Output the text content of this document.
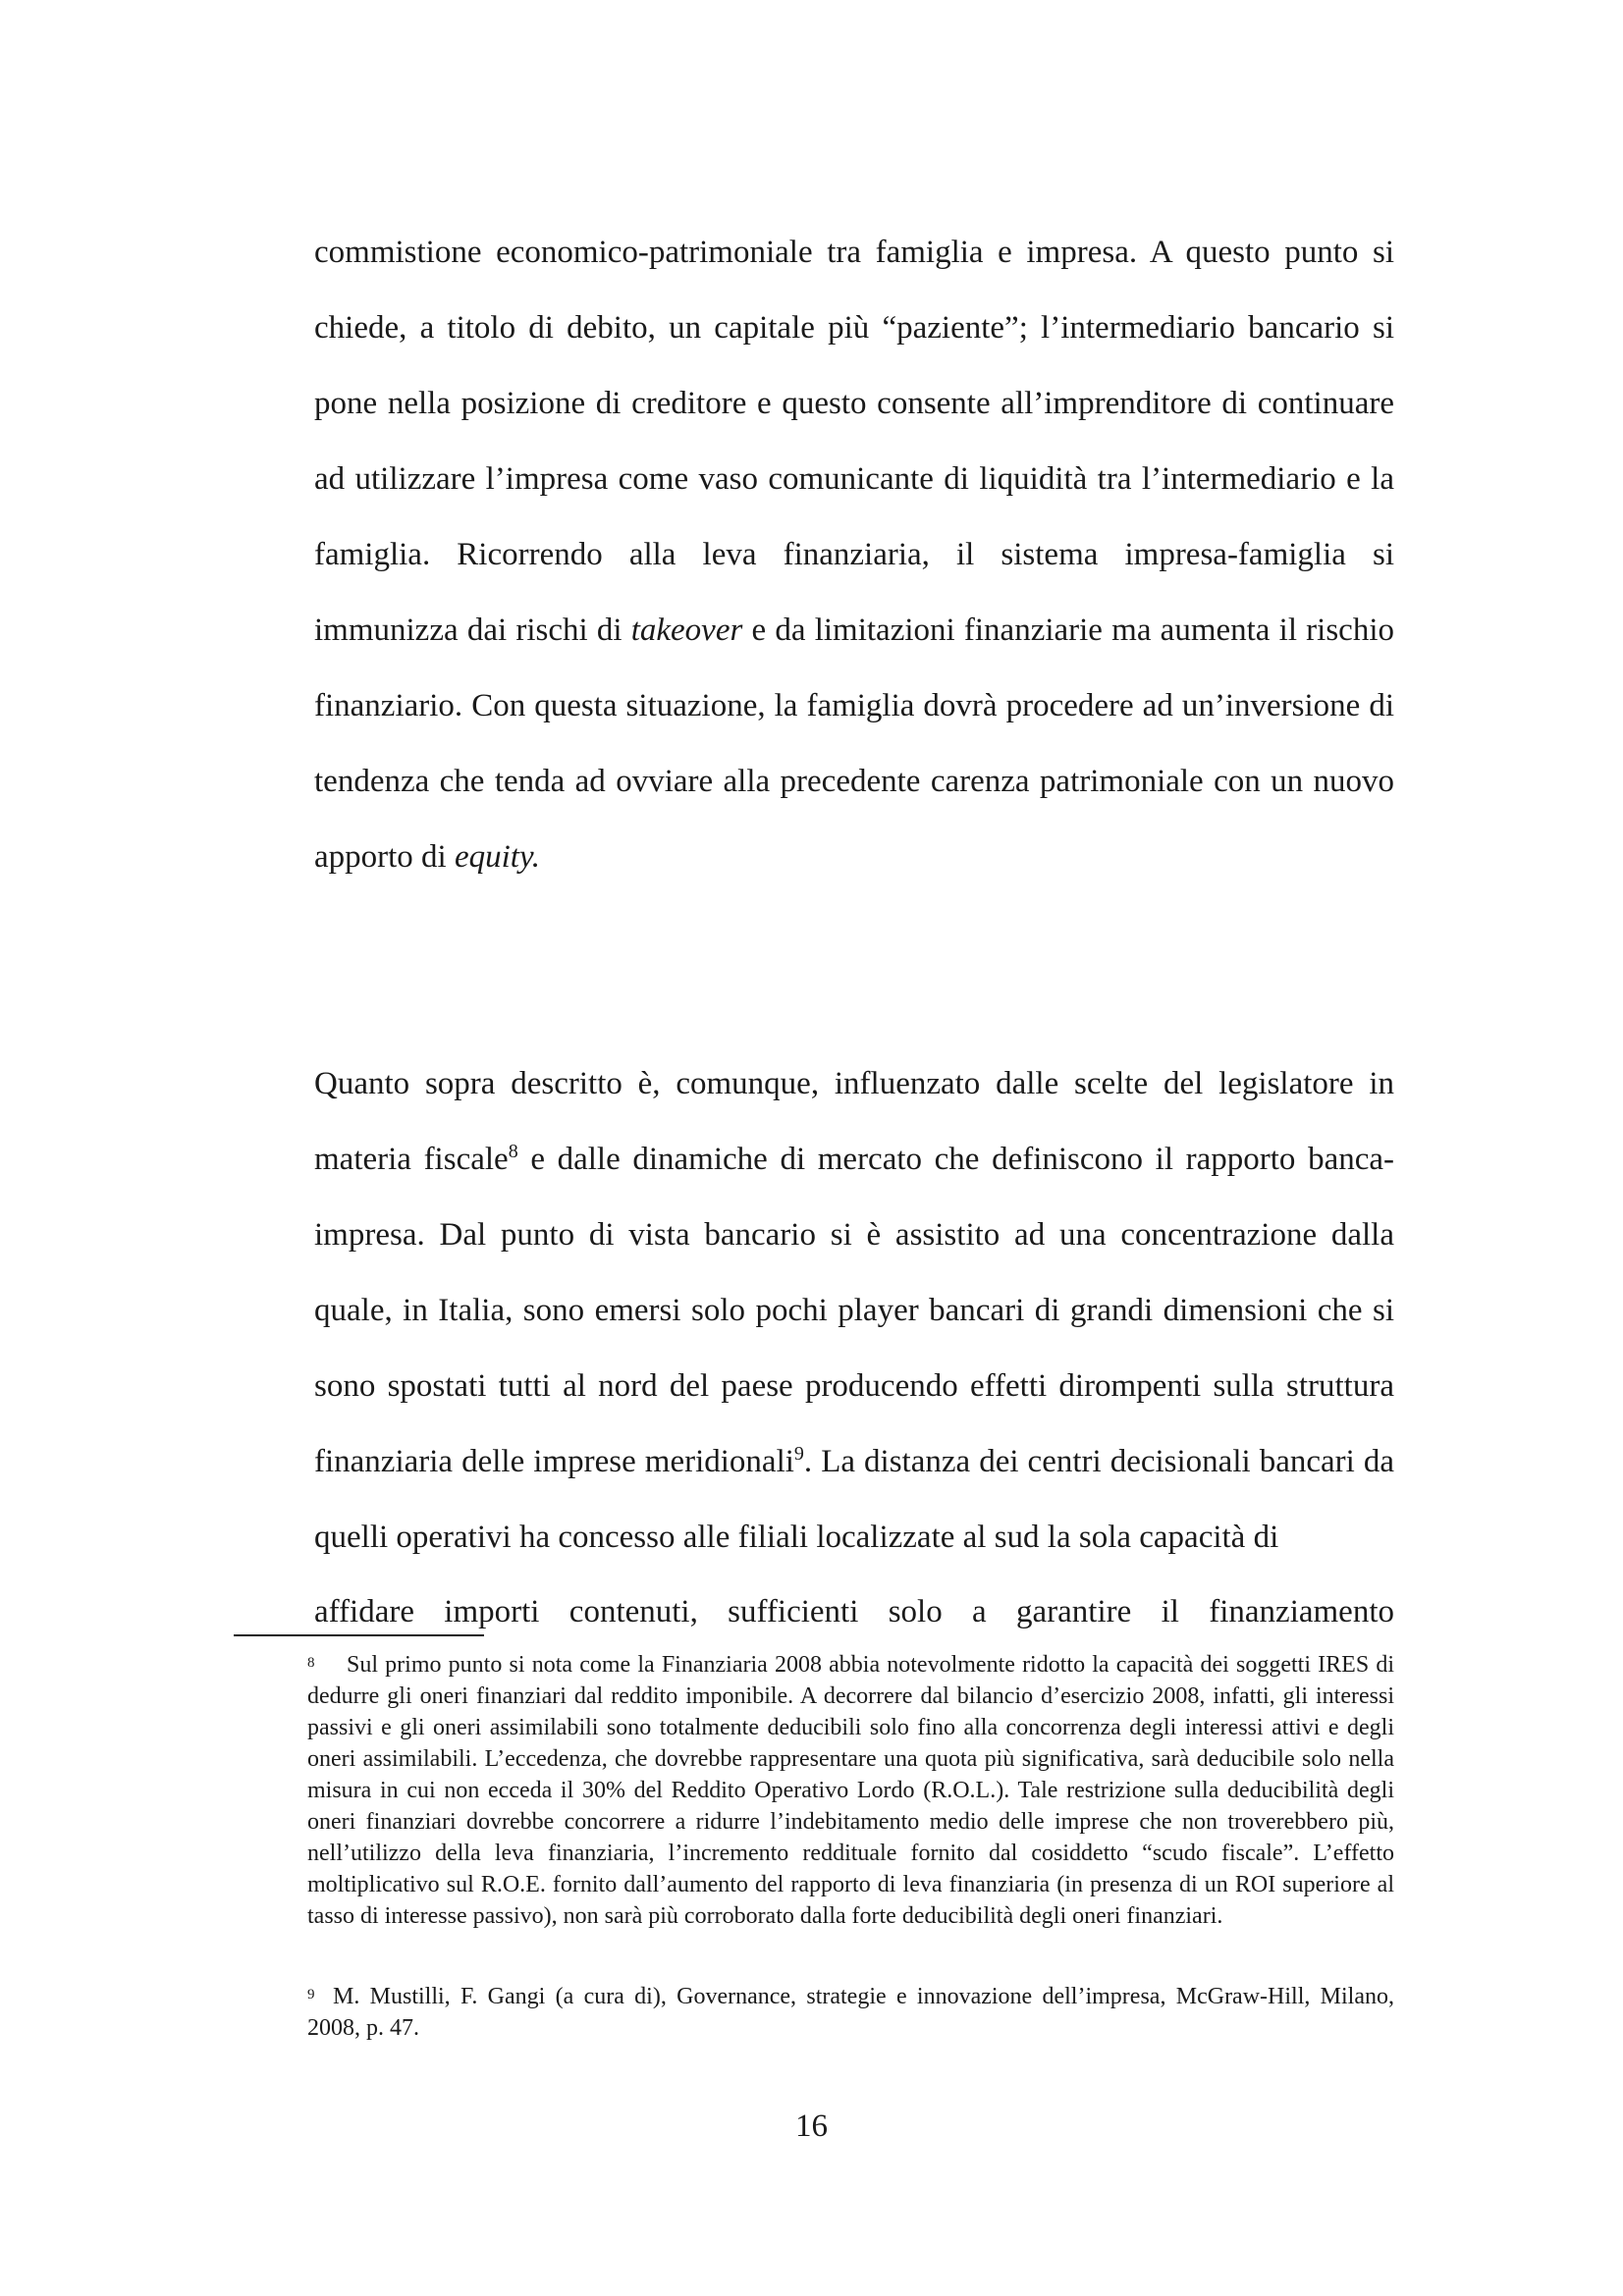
commistione economico-patrimoniale tra famiglia e impresa. A questo punto si chiede, a titolo di debito, un capitale più “paziente”; l’intermediario bancario si pone nella posizione di creditore e questo consente all’imprenditore di continuare ad utilizzare l’impresa come vaso comunicante di liquidità tra l’intermediario e la famiglia. Ricorrendo alla leva finanziaria, il sistema impresa-famiglia si immunizza dai rischi di takeover e da limitazioni finanziarie ma aumenta il rischio finanziario. Con questa situazione, la famiglia dovrà procedere ad un’inversione di tendenza che tenda ad ovviare alla precedente carenza patrimoniale con un nuovo apporto di equity.

Quanto sopra descritto è, comunque, influenzato dalle scelte del legislatore in materia fiscale$^8$ e dalle dinamiche di mercato che definiscono il rapporto banca-impresa. Dal punto di vista bancario si è assistito ad una concentrazione dalla quale, in Italia, sono emersi solo pochi player bancari di grandi dimensioni che si sono spostati tutti al nord del paese producendo effetti dirompenti sulla struttura finanziaria delle imprese meridionali$^9$. La distanza dei centri decisionali bancari da quelli operativi ha concesso alle filiali localizzate al sud la sola capacità di

affidare importi contenuti, sufficienti solo a garantire il finanziamento

8 Sul primo punto si nota come la Finanziaria 2008 abbia notevolmente ridotto la capacità dei soggetti IRES di dedurre gli oneri finanziari dal reddito imponibile. A decorrere dal bilancio d’esercizio 2008, infatti, gli interessi passivi e gli oneri assimilabili sono totalmente deducibili solo fino alla concorrenza degli interessi attivi e degli oneri assimilabili. L’eccedenza, che dovrebbe rappresentare una quota più significativa, sarà deducibile solo nella misura in cui non ecceda il 30% del Reddito Operativo Lordo (R.O.L.). Tale restrizione sulla deducibilità degli oneri finanziari dovrebbe concorrere a ridurre l’indebitamento medio delle imprese che non troverebbero più, nell’utilizzo della leva finanziaria, l’incremento reddituale fornito dal cosiddetto “scudo fiscale”. L’effetto moltiplicativo sul R.O.E. fornito dall’aumento del rapporto di leva finanziaria (in presenza di un ROI superiore al tasso di interesse passivo), non sarà più corroborato dalla forte deducibilità degli oneri finanziari.

9 M. Mustilli, F. Gangi (a cura di), Governance, strategie e innovazione dell’impresa, McGraw-Hill, Milano, 2008, p. 47.

16
